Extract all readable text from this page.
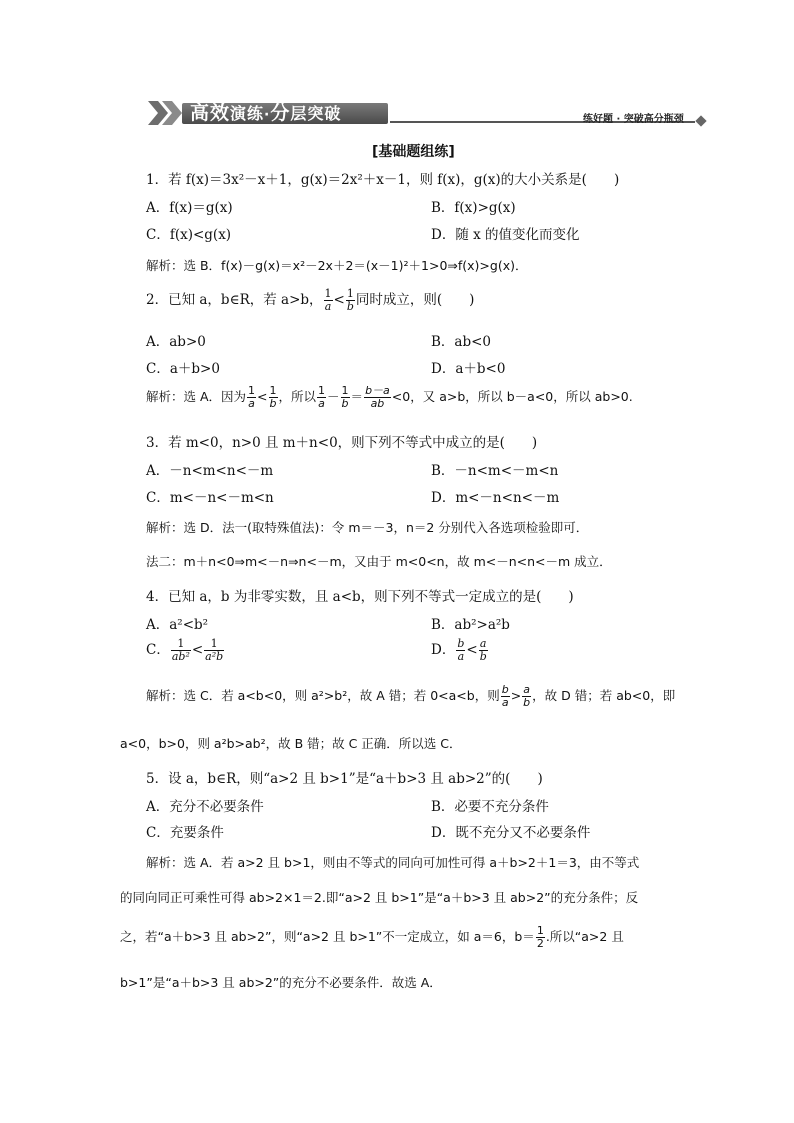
高效演练·分层突破	练好题 · 突破高分瓶颈
[基础题组练]
1．若 f(x)＝3x²－x＋1，g(x)＝2x²＋x－1，则 f(x)，g(x)的大小关系是(　　)
A．f(x)＝g(x)	B．f(x)>g(x)
C．f(x)<g(x)	D．随 x 的值变化而变化
解析：选 B．f(x)－g(x)＝x²－2x＋2＝(x－1)²＋1>0⇒f(x)>g(x)．
2．已知 a，b∈R，若 a>b， $\frac{1}{a} < \frac{1}{b}$ 同时成立，则(　　)
A．ab>0	B．ab<0
C．a＋b>0	D．a＋b<0
解析：选 A．因为 $\frac{1}{a} < \frac{1}{b}$ ，所以 $\frac{1}{a} - \frac{1}{b} = \frac{b-a}{ab} <0$，又 a>b，所以 b－a<0，所以 ab>0.
3．若 m<0，n>0 且 m＋n<0，则下列不等式中成立的是(　　)
A．－n<m<n<－m	B．－n<m<－m<n
C．m<－n<－m<n	D．m<－n<n<－m
解析：选 D．法一(取特殊值法)：令 m＝－3，n＝2 分别代入各选项检验即可．
法二：m＋n<0⇒m<－n⇒n<－m，又由于 m<0<n，故 m<－n<n<－m 成立．
4．已知 a，b 为非零实数，且 a<b，则下列不等式一定成立的是(　　)
A．a²<b²	B．ab²>a²b
C． $\frac{1}{\text{ab²}} < \frac{1}{\text{a²b}}$	D． $\frac{b}{a} < \frac{a}{b}$
解析：选 C．若 a<b<0，则 a²>b²，故 A 错；若 0<a<b，则 $\frac{b}{a} > \frac{a}{b}$ ，故 D 错；若 ab<0，即
a<0，b>0，则 a²b>ab²，故 B 错；故 C 正确．所以选 C．
5．设 a，b∈R，则“a>2 且 b>1”是“a＋b>3 且 ab>2”的(　　)
A．充分不必要条件	B．必要不充分条件
C．充要条件	D．既不充分又不必要条件
解析：选 A．若 a>2 且 b>1，则由不等式的同向可加性可得 a＋b>2＋1＝3，由不等式
的同向同正可乘性可得 ab>2×1＝2.即“a>2 且 b>1”是“a＋b>3 且 ab>2”的充分条件；反
之，若“a＋b>3 且 ab>2”，则“a>2 且 b>1”不一定成立，如 a＝6，$b= \frac{1}{2}$ .所以“a>2 且
b>1”是“a＋b>3 且 ab>2”的充分不必要条件．故选 A．
